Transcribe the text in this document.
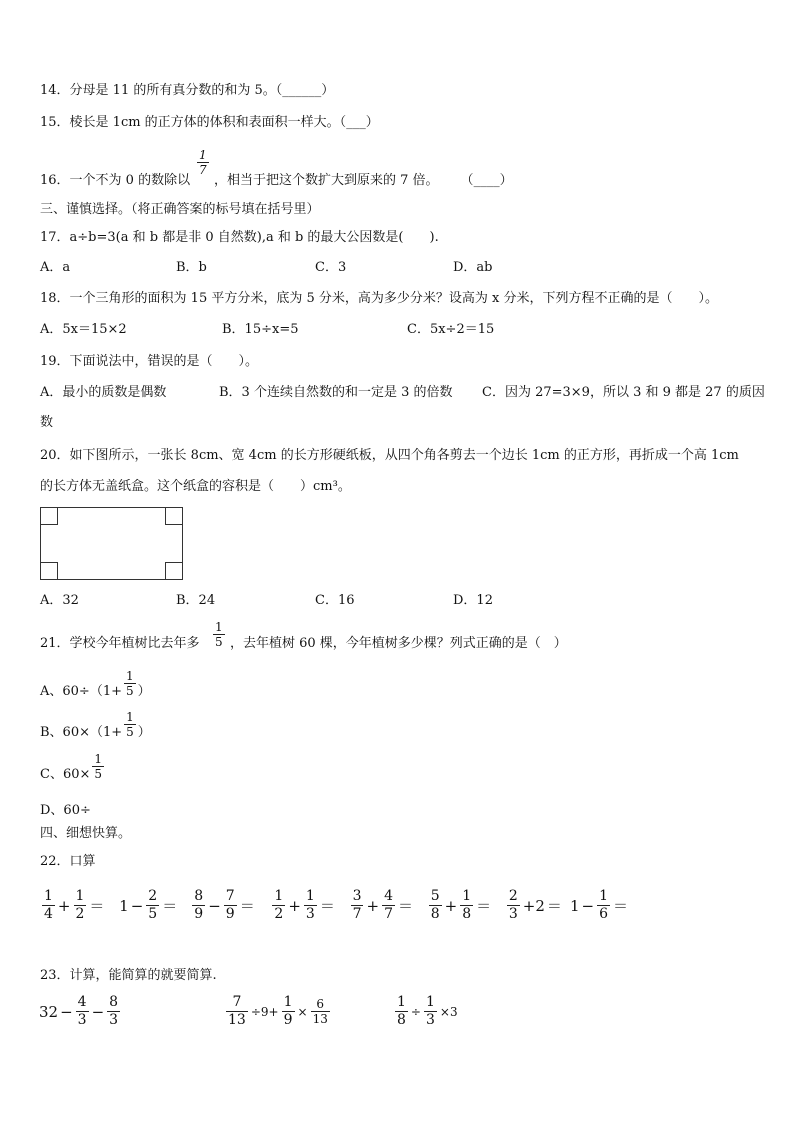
14．分母是 11 的所有真分数的和为 5。（______）
15．棱长是 1cm 的正方体的体积和表面积一样大。（___）
16．一个不为 0 的数除以
1
7
，相当于把这个数扩大到原来的 7 倍。 （____）
三、谨慎选择。（将正确答案的标号填在括号里）
17．a÷b=3(a 和 b 都是非 0 自然数),a 和 b 的最大公因数是(　　).
A．a	B．b	C．3	D．ab
18．一个三角形的面积为 15 平方分米，底为 5 分米，高为多少分米？设高为 x 分米，下列方程不正确的是（　　）。
A．5x＝15×2	B．15÷x=5	C．5x÷2＝15
19．下面说法中，错误的是（　　）。
A．最小的质数是偶数	B．3 个连续自然数的和一定是 3 的倍数 C．因为 27=3×9，所以 3 和 9 都是 27 的质因
数
20．如下图所示，一张长 8cm、宽 4cm 的长方形硬纸板，从四个角各剪去一个边长 1cm 的正方形，再折成一个高 1cm
的长方体无盖纸盒。这个纸盒的容积是（　　）cm³。
A．32	B．24	C．16	D．12
21．学校今年植树比去年多
1
5 ，去年植树 60 棵，今年植树多少棵？列式正确的是（　）
A、$60\div(1+ \frac{1}{5}$ ）
B、$60\times(1+ \frac{1}{5}$ ）
C、$60\times \frac{1}{5}$
D、60÷
四、细想快算。
22．口算
$\frac{1}{4} + \frac{1}{2} = 1 - \frac{2}{5} = \frac{8}{9} - \frac{7}{9} = \frac{1}{2} + \frac{1}{3} = \frac{3}{7} + \frac{4}{7} = \frac{5}{8} + \frac{1}{8} = \frac{2}{3} +2 = 1 - \frac{1}{6}$ ＝
23．计算，能简算的就要简算.
$32 - \frac{4}{3} - \frac{8}{3}$	$\frac{7}{13} \div 9+ \frac{1}{9} \times \frac{6}{13}$	$\frac{1}{8} \div \frac{1}{3} \times 3$
